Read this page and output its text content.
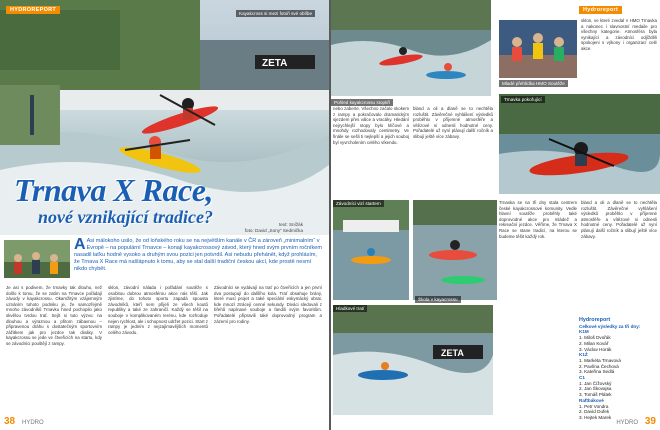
ZETA
HYDROREPORT
Kayakcross si mezi fotoři své oblíbe
Trnava X Race,
nové vznikající tradice?	text: Snížák
foto: David „Sony“ Sedmička

A Asi málokoho usilo, že od loňského roku se na největším kanále v ČR a zároveň „minimalním“ v Evropě – na populární Trnavce – konají kayakcrossový závod, který hned svým prvním ročníkem nasadil laťku hodně vysoko a druhým svou pozici jen potvrdil. Asi nebudu přehánět, když prohlásím, že Trnava X Race má našlápnuto k tomu, aby se stal další tradiční českou akcí, kde prostě nesmí nikdo chybět.

Je asi s podivem, že trnavky tak dlouho, než došlo k tomu, že se zatím na Trnavce pořádají závody v kayakcrossu. Okamžitým vzájemným uznáním tohoto podniku je, že samozřejmě mnoho závodníků Trnavku hned pochopilo jako skvělou tvrdou trať. Sejít si tuto výzvu: na dlouhou a výraznou a přitom zábavnou – připravenou dráhu s dostatečným sportovním zážitkem jak pro jezdce tak diváky. V kayakcrossu se jede ve čtveřicích na startu, kdy se závodníci pouštějí z rampy.
sklon, závodní nálada i pořádání soutěže s osobitou dobrou atmosférou akce nás těší. Jak zjistíme, do tohoto sportu zapadá spousta závodníků, kteří sem přijeli ze všech koutů republiky a také ze zahraničí. Každý se těšil na souboje v komplikovaném terénu, kde rozhoduje nejen rychlost, ale i schopnost udržet pozici. Start z rampy je jedním z nejzajímavějších momentů celého závodu.
Závodníci se vydávají na trať po čtveřicích a jen první dva postupují do dalšího kola. Trať obsahuje brány, které musí projet a také speciální eskymácký obrat, kde mnozí ztrácejí cenné sekundy. Diváci sledovali z břehů napínavé souboje a fandili svým favoritům. Pořadatelé připravili také doprovodný program a zázemí pro rodiny.
38 HYDRO
Pohled kayakcrossu stopkří
Mladé přehlídka HMO Soutěže
Hydroreport
sklon, ve které zvedal v HMO Trnavka a nakonec i slavnostní medaile pro všechny kategorie. Atmosféra byla vynikající a závodníci odjížděli spokojeni s výkony i organizací celé akce.
nebo zaberte. Všechno začalo skokem z rampy a pokračovalo dramatickým sjezdem přes válce a vracáky. Hledání nejrychlejší stopy bylo klíčové a mnohdy rozhodovaly centimetry. Ve finále se sešli ti nejlepší a jejich souboj byl vyvrcholením celého víkendu.
bland a oli a dlaně se to nechtěla rozluštit. Závěrečné vyhlášení výsledků proběhlo v příjemné atmosféře a vítězové si odnesli hodnotné ceny. Pořadatelé už nyní plánují další ročník a slibují ještě více zábavy.
Trnavka pokořující
Závodníci vizí startem
Škola v kayacrossu
ZETA
Hladkové tratí
Trnavka se na tři dny stala centrem české kayakcrossové komunity. Vedle hlavní soutěže proběhly také doprovodné akce pro mládež a rekreační jezdce. Věříme, že Trnava X Race se stane tradicí, na kterou se budeme těšit každý rok.
bland a oli a dlaně se to nechtěla rozluštit. Závěrečné vyhlášení výsledků proběhlo v příjemné atmosféře a vítězové si odnesli hodnotné ceny. Pořadatelé už nyní plánují další ročník a slibují ještě více zábavy.
39
HYDRO
Hydroreport
Celkové výsledky za tři dny:
K1M
1. Miloš Dvořák
2. Milan Kovář
3. Václav Horák
K1Ž
1. Markéta Trnavová
2. Pavlína Čechová
3. Kateřina Sedlá
C1
1. Jan Čížovský
2. Jan Škovajsa
3. Tomáš Plátek
Raftbákové
1. Petr Vondra
2. David Dufek
3. Hejtek Marek
